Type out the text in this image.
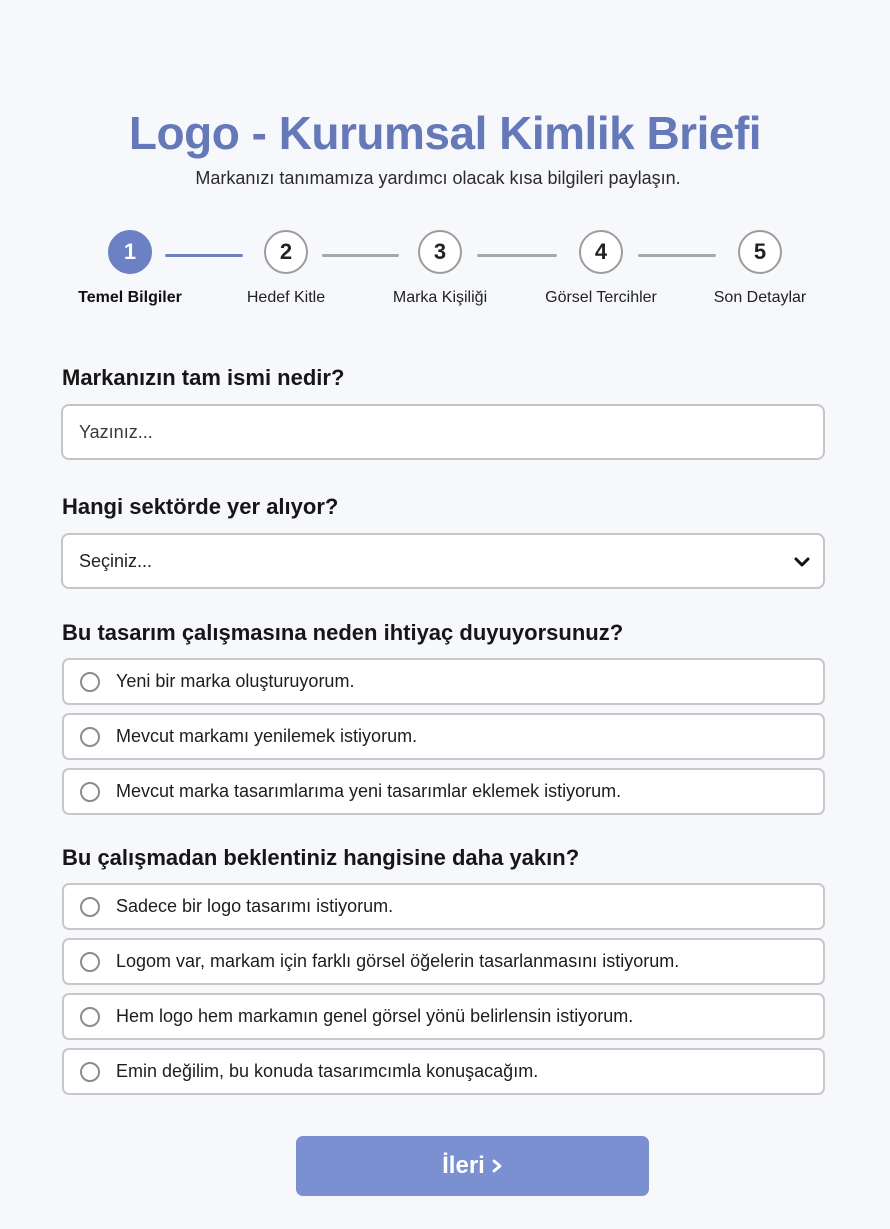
Logo - Kurumsal Kimlik Briefi

Markanızı tanımamıza yardımcı olacak kısa bilgileri paylaşın.

1
Temel Bilgiler
2
Hedef Kitle
3
Marka Kişiliği
4
Görsel Tercihler
5
Son Detaylar

Markanızın tam ismi nedir?

Yazınız...

Hangi sektörde yer alıyor?

Seçiniz...

Bu tasarım çalışmasına neden ihtiyaç duyuyorsunuz?

Yeni bir marka oluşturuyorum.
Mevcut markamı yenilemek istiyorum.
Mevcut marka tasarımlarıma yeni tasarımlar eklemek istiyorum.

Bu çalışmadan beklentiniz hangisine daha yakın?

Sadece bir logo tasarımı istiyorum.
Logom var, markam için farklı görsel öğelerin tasarlanmasını istiyorum.
Hem logo hem markamın genel görsel yönü belirlensin istiyorum.
Emin değilim, bu konuda tasarımcımla konuşacağım.
İleri
